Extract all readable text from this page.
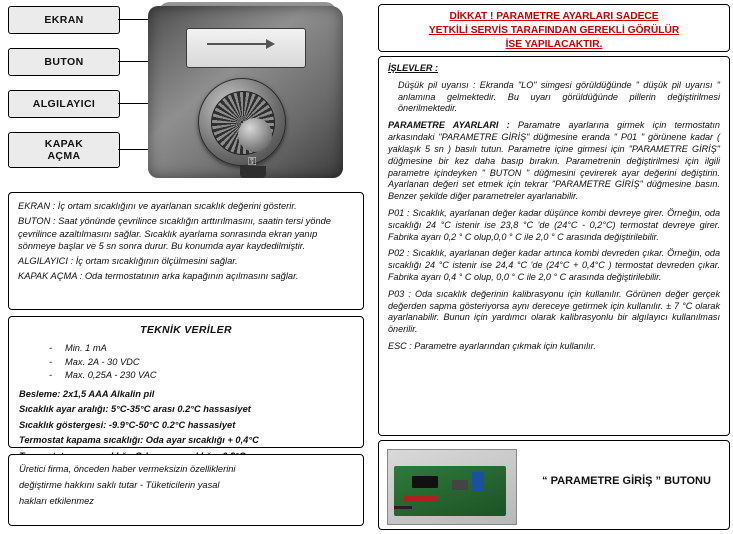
EKRAN
BUTON
ALGILAYICI
KAPAK
AÇMA	⚿

EKRAN : İç ortam sıcaklığını ve ayarlanan sıcaklık değerini gösterir.

BUTON : Saat yönünde çevrilince sıcaklığın arttırılmasını, saatin tersi yönde çevrilince azaltılmasını sağlar. Sıcaklık ayarlama sonrasında ekran yanıp sönmeye başlar ve 5 sn sonra durur. Bu konumda ayar kaydedilmiştir.

ALGILAYICI : İç ortam sıcaklığının ölçülmesini sağlar.

KAPAK AÇMA : Oda termostatının arka kapağının açılmasını sağlar.

TEKNİK VERİLER
- Min. 1 mA
- Max. 2A - 30 VDC
- Max. 0,25A - 230 VAC

Besleme: 2x1,5 AAA Alkalin pil

Sıcaklık ayar aralığı: 5°C-35°C arası 0.2°C hassasiyet

Sıcaklık göstergesi: -9.9°C-50°C 0.2°C hassasiyet

Termostat kapama sıcaklığı: Oda ayar sıcaklığı + 0,4°C

Üretici firma, önceden haber vermeksizin özelliklerini

değiştirme hakkını saklı tutar - Tüketicilerin yasal

hakları etkilenmez

DİKKAT ! PARAMETRE AYARLARI SADECE
YETKİLİ SERVİS TARAFINDAN GEREKLİ GÖRÜLÜR
İSE YAPILACAKTIR.

İŞLEVLER :

Düşük pil uyarısı : Ekranda "LO" simgesi görüldüğünde " düşük pil uyarısı " anlamına gelmektedir. Bu uyarı görüldüğünde pillerin değiştirilmesi önerilmektedir.

PARAMETRE AYARLARI : Paramatre ayarlarına girmek için termostatın arkasındaki "PARAMETRE GİRİŞ" düğmesine eranda " P01 " görünene kadar ( yaklaşık 5 sn ) basılı tutun. Parametre içine girmesi için "PARAMETRE GİRİŞ" düğmesine bir kez daha basıp bırakın. Parametrenin değiştirilmesi için ilgili parametre içindeyken " BUTON " düğmesini çevirerek ayar değerini değiştirin. Ayarlanan değeri set etmek için tekrar "PARAMETRE GİRİŞ" düğmesine basın. Benzer şekilde diğer parametreler ayarlanabilir.

P01 : Sıcaklık, ayarlanan değer kadar düşünce kombi devreye girer. Örneğin, oda sıcaklığı 24 °C istenir ise 23,8 °C 'de (24°C - 0,2°C) termostat devreye girer. Fabrika ayarı 0,2 ° C olup,0,0 ° C ile 2,0 ° C arasında değiştirilebilir.

P02 : Sıcaklık, ayarlanan değer kadar artınca kombi devreden çıkar. Örneğin, oda sıcaklığı 24 °C istenir ise 24,4 °C 'de (24°C + 0,4°C ) termostat devreden çıkar. Fabrika ayarı 0,4 ° C olup, 0,0 ° C ile 2,0 ° C arasında değiştirilebilir.

P03 : Oda sıcaklık değerinin kalibrasyonu için kullanılır. Görünen değer gerçek değerden sapma gösteriyorsa aynı dereceye getirmek için kullanılır. ± 7 °C olarak ayarlanabilir. Bunun için yardımcı olarak kalibrasyonlu bir algılayıcı kullanılması önerilir.

ESC : Parametre ayarlarından çıkmak için kullanılır.

“ PARAMETRE GİRİŞ ” BUTONU
